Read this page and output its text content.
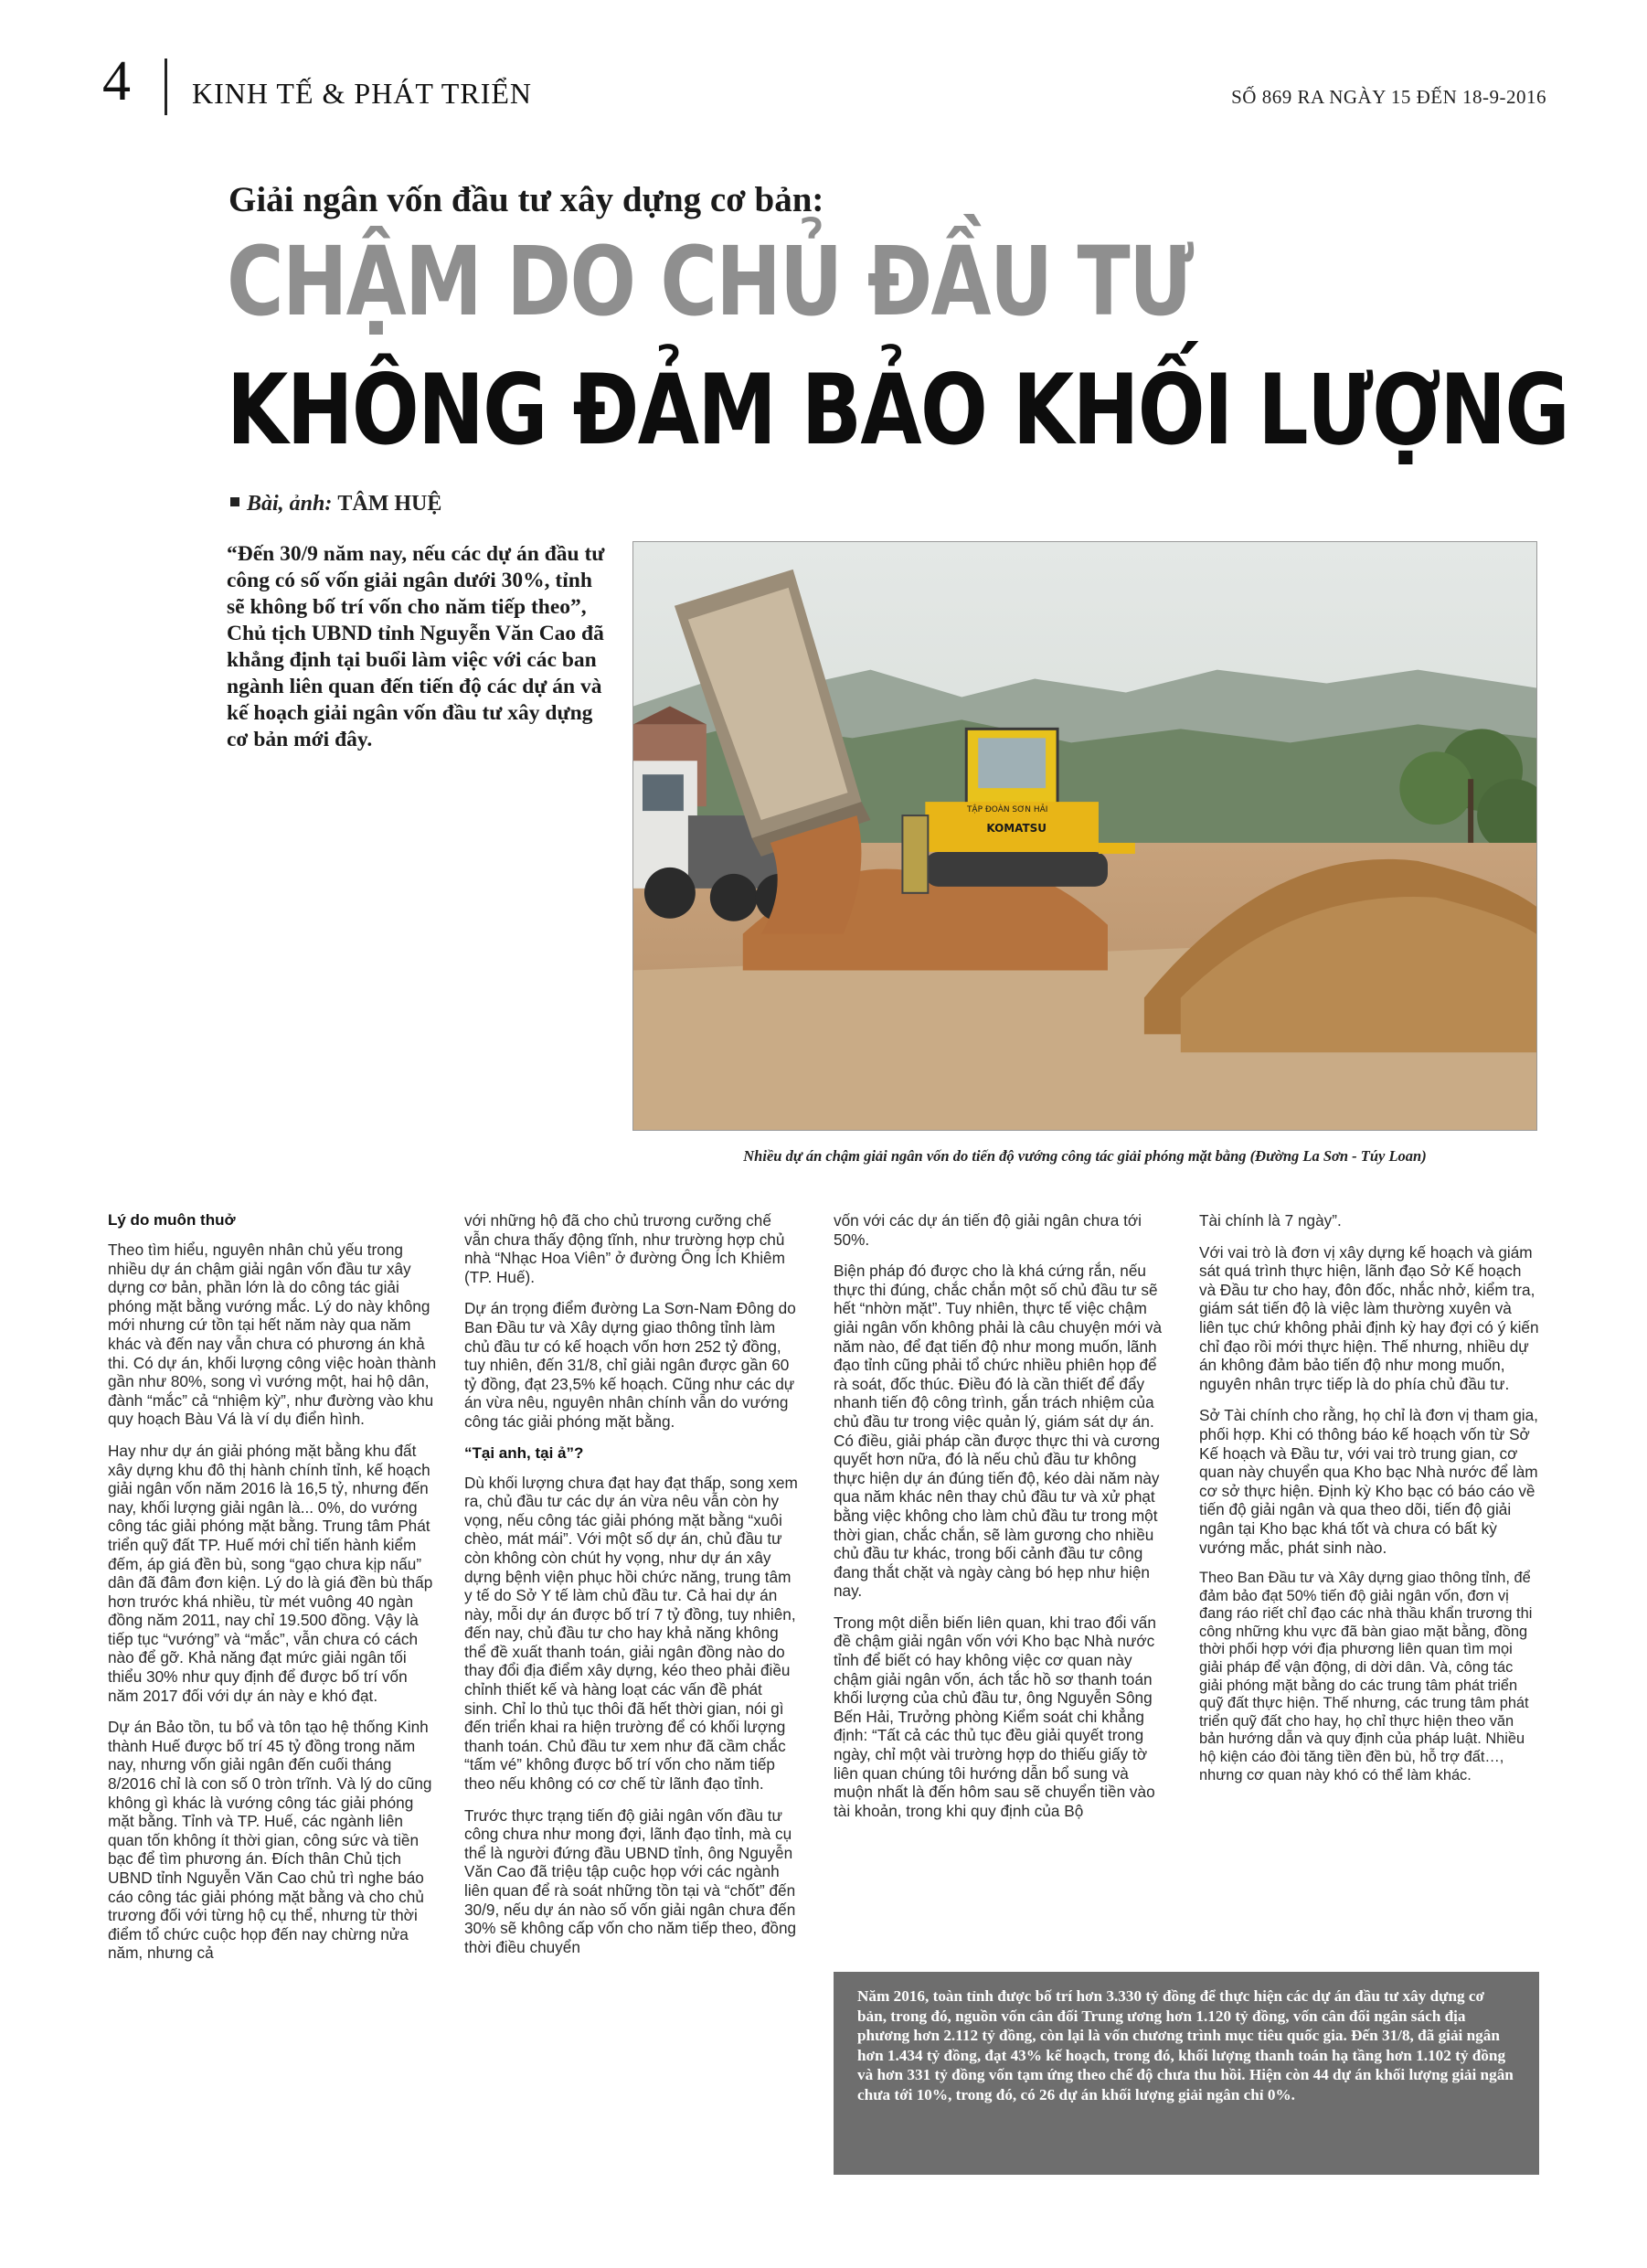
4 KINH TẾ & PHÁT TRIỂN	SỐ 869 RA NGÀY 15 ĐẾN 18-9-2016
Giải ngân vốn đầu tư xây dựng cơ bản:
CHẬM DO CHỦ ĐẦU TƯ
KHÔNG ĐẢM BẢO KHỐI LƯỢNG
Bài, ảnh: TÂM HUỆ
“Đến 30/9 năm nay, nếu các dự án đầu tư công có số vốn giải ngân dưới 30%, tỉnh sẽ không bố trí vốn cho năm tiếp theo”, Chủ tịch UBND tỉnh Nguyễn Văn Cao đã khẳng định tại buổi làm việc với các ban ngành liên quan đến tiến độ các dự án và kế hoạch giải ngân vốn đầu tư xây dựng cơ bản mới đây.
TẬP ĐOÀN SƠN HẢI
KOMATSU
Nhiều dự án chậm giải ngân vốn do tiến độ vướng công tác giải phóng mặt bằng (Đường La Sơn - Túy Loan)
Lý do muôn thuở

Theo tìm hiểu, nguyên nhân chủ yếu trong nhiều dự án chậm giải ngân vốn đầu tư xây dựng cơ bản, phần lớn là do công tác giải phóng mặt bằng vướng mắc. Lý do này không mới nhưng cứ tồn tại hết năm này qua năm khác và đến nay vẫn chưa có phương án khả thi. Có dự án, khối lượng công việc hoàn thành gần như 80%, song vì vướng một, hai hộ dân, đành “mắc” cả “nhiệm kỳ”, như đường vào khu quy hoạch Bàu Vá là ví dụ điển hình.

Hay như dự án giải phóng mặt bằng khu đất xây dựng khu đô thị hành chính tỉnh, kế hoạch giải ngân vốn năm 2016 là 16,5 tỷ, nhưng đến nay, khối lượng giải ngân là... 0%, do vướng công tác giải phóng mặt bằng. Trung tâm Phát triển quỹ đất TP. Huế mới chỉ tiến hành kiểm đếm, áp giá đền bù, song “gạo chưa kịp nấu” dân đã đâm đơn kiện. Lý do là giá đền bù thấp hơn trước khá nhiều, từ mét vuông 40 ngàn đồng năm 2011, nay chỉ 19.500 đồng. Vậy là tiếp tục “vướng” và “mắc”, vẫn chưa có cách nào để gỡ. Khả năng đạt mức giải ngân tối thiểu 30% như quy định để được bố trí vốn năm 2017 đối với dự án này e khó đạt.

Dự án Bảo tồn, tu bổ và tôn tạo hệ thống Kinh thành Huế được bố trí 45 tỷ đồng trong năm nay, nhưng vốn giải ngân đến cuối tháng 8/2016 chỉ là con số 0 tròn trĩnh. Và lý do cũng không gì khác là vướng công tác giải phóng mặt bằng. Tỉnh và TP. Huế, các ngành liên quan tốn không ít thời gian, công sức và tiền bạc để tìm phương án. Đích thân Chủ tịch UBND tỉnh Nguyễn Văn Cao chủ trì nghe báo cáo công tác giải phóng mặt bằng và cho chủ trương đối với từng hộ cụ thể, nhưng từ thời điểm tổ chức cuộc họp đến nay chừng nửa năm, nhưng cả

với những hộ đã cho chủ trương cưỡng chế vẫn chưa thấy động tĩnh, như trường hợp chủ nhà “Nhạc Hoa Viên” ở đường Ông Ích Khiêm (TP. Huế).

Dự án trọng điểm đường La Sơn-Nam Đông do Ban Đầu tư và Xây dựng giao thông tỉnh làm chủ đầu tư có kế hoạch vốn hơn 252 tỷ đồng, tuy nhiên, đến 31/8, chỉ giải ngân được gần 60 tỷ đồng, đạt 23,5% kế hoạch. Cũng như các dự án vừa nêu, nguyên nhân chính vẫn do vướng công tác giải phóng mặt bằng.

“Tại anh, tại ả”?

Dù khối lượng chưa đạt hay đạt thấp, song xem ra, chủ đầu tư các dự án vừa nêu vẫn còn hy vọng, nếu công tác giải phóng mặt bằng “xuôi chèo, mát mái”. Với một số dự án, chủ đầu tư còn không còn chút hy vọng, như dự án xây dựng bệnh viện phục hồi chức năng, trung tâm y tế do Sở Y tế làm chủ đầu tư. Cả hai dự án này, mỗi dự án được bố trí 7 tỷ đồng, tuy nhiên, đến nay, chủ đầu tư cho hay khả năng không thể đề xuất thanh toán, giải ngân đồng nào do thay đổi địa điểm xây dựng, kéo theo phải điều chỉnh thiết kế và hàng loạt các vấn đề phát sinh. Chỉ lo thủ tục thôi đã hết thời gian, nói gì đến triển khai ra hiện trường để có khối lượng thanh toán. Chủ đầu tư xem như đã cầm chắc “tấm vé” không được bố trí vốn cho năm tiếp theo nếu không có cơ chế từ lãnh đạo tỉnh.

Trước thực trạng tiến độ giải ngân vốn đầu tư công chưa như mong đợi, lãnh đạo tỉnh, mà cụ thể là người đứng đầu UBND tỉnh, ông Nguyễn Văn Cao đã triệu tập cuộc họp với các ngành liên quan để rà soát những tồn tại và “chốt” đến 30/9, nếu dự án nào số vốn giải ngân chưa đến 30% sẽ không cấp vốn cho năm tiếp theo, đồng thời điều chuyển

vốn với các dự án tiến độ giải ngân chưa tới 50%.

Biện pháp đó được cho là khá cứng rắn, nếu thực thi đúng, chắc chắn một số chủ đầu tư sẽ hết “nhờn mặt”. Tuy nhiên, thực tế việc chậm giải ngân vốn không phải là câu chuyện mới và năm nào, để đạt tiến độ như mong muốn, lãnh đạo tỉnh cũng phải tổ chức nhiều phiên họp để rà soát, đốc thúc. Điều đó là cần thiết để đẩy nhanh tiến độ công trình, gắn trách nhiệm của chủ đầu tư trong việc quản lý, giám sát dự án. Có điều, giải pháp cần được thực thi và cương quyết hơn nữa, đó là nếu chủ đầu tư không thực hiện dự án đúng tiến độ, kéo dài năm này qua năm khác nên thay chủ đầu tư và xử phạt bằng việc không cho làm chủ đầu tư trong một thời gian, chắc chắn, sẽ làm gương cho nhiều chủ đầu tư khác, trong bối cảnh đầu tư công đang thắt chặt và ngày càng bó hẹp như hiện nay.

Trong một diễn biến liên quan, khi trao đổi vấn đề chậm giải ngân vốn với Kho bạc Nhà nước tỉnh để biết có hay không việc cơ quan này chậm giải ngân vốn, ách tắc hồ sơ thanh toán khối lượng của chủ đầu tư, ông Nguyễn Sông Bến Hải, Trưởng phòng Kiểm soát chi khẳng định: “Tất cả các thủ tục đều giải quyết trong ngày, chỉ một vài trường hợp do thiếu giấy tờ liên quan chúng tôi hướng dẫn bổ sung và muộn nhất là đến hôm sau sẽ chuyển tiền vào tài khoản, trong khi quy định của Bộ

Tài chính là 7 ngày”.

Với vai trò là đơn vị xây dựng kế hoạch và giám sát quá trình thực hiện, lãnh đạo Sở Kế hoạch và Đầu tư cho hay, đôn đốc, nhắc nhở, kiểm tra, giám sát tiến độ là việc làm thường xuyên và liên tục chứ không phải định kỳ hay đợi có ý kiến chỉ đạo rồi mới thực hiện. Thế nhưng, nhiều dự án không đảm bảo tiến độ như mong muốn, nguyên nhân trực tiếp là do phía chủ đầu tư.

Sở Tài chính cho rằng, họ chỉ là đơn vị tham gia, phối hợp. Khi có thông báo kế hoạch vốn từ Sở Kế hoạch và Đầu tư, với vai trò trung gian, cơ quan này chuyển qua Kho bạc Nhà nước để làm cơ sở thực hiện. Định kỳ Kho bạc có báo cáo về tiến độ giải ngân và qua theo dõi, tiến độ giải ngân tại Kho bạc khá tốt và chưa có bất kỳ vướng mắc, phát sinh nào.

Theo Ban Đầu tư và Xây dựng giao thông tỉnh, để đảm bảo đạt 50% tiến độ giải ngân vốn, đơn vị đang ráo riết chỉ đạo các nhà thầu khẩn trương thi công những khu vực đã bàn giao mặt bằng, đồng thời phối hợp với địa phương liên quan tìm mọi giải pháp để vận động, di dời dân. Và, công tác giải phóng mặt bằng do các trung tâm phát triển quỹ đất thực hiện. Thế nhưng, các trung tâm phát triển quỹ đất cho hay, họ chỉ thực hiện theo văn bản hướng dẫn và quy định của pháp luật. Nhiều hộ kiện cáo đòi tăng tiền đền bù, hỗ trợ đất…, nhưng cơ quan này khó có thể làm khác.

Năm 2016, toàn tỉnh được bố trí hơn 3.330 tỷ đồng để thực hiện các dự án đầu tư xây dựng cơ bản, trong đó, nguồn vốn cân đối Trung ương hơn 1.120 tỷ đồng, vốn cân đối ngân sách địa phương hơn 2.112 tỷ đồng, còn lại là vốn chương trình mục tiêu quốc gia. Đến 31/8, đã giải ngân hơn 1.434 tỷ đồng, đạt 43% kế hoạch, trong đó, khối lượng thanh toán hạ tầng hơn 1.102 tỷ đồng và hơn 331 tỷ đồng vốn tạm ứng theo chế độ chưa thu hồi. Hiện còn 44 dự án khối lượng giải ngân chưa tới 10%, trong đó, có 26 dự án khối lượng giải ngân chỉ 0%.
